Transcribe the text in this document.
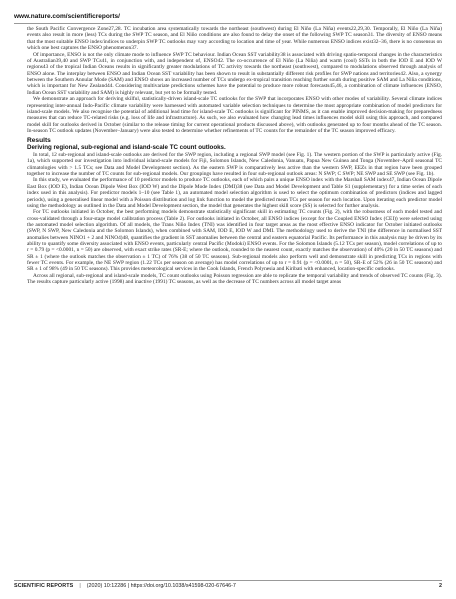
www.nature.com/scientificreports/

the South Pacific Convergence Zone27,28. TC incubation area systematically towards the northeast (southwest) during El Niño (La Niña) events22,29,30. Temporally, El Niño (La Niña) events also result in more (less) TCs during the SWP TC season, and El Niño conditions are also found to delay the onset of the following SWP TC season31. The diversity of ENSO means that the most suitable ENSO index/indices to underpin SWP TC outlooks may vary according to location and time of year. While numerous ENSO indices exist32–36, there is no consensus on which one best captures the ENSO phenomenon37.

Of importance, ENSO is not the only climate mode to influence SWP TC behaviour. Indian Ocean SST variability38 is associated with driving spatio-temporal changes in the characteristics of Australian39,40 and SWP TCs41, in conjunction with, and independent of, ENSO42. The co-occurrence of El Niño (La Niña) and warm (cool) SSTs in both the IOD E and IOD W regions43 of the tropical Indian Oceans results in significantly greater modulations of TC activity towards the northeast (southwest), compared to modulations observed through analysis of ENSO alone. The interplay between ENSO and Indian Ocean SST variability has been shown to result in substantially different risk profiles for SWP nations and territories42. Also, a synergy between the Southern Annular Mode (SAM) and ENSO shows an increased number of TCs undergo ex-tropical transition reaching further south during positive SAM and La Niña conditions, which is important for New Zealand44. Considering multivariate predictions schemes have the potential to produce more robust forecasts45,46, a combination of climate influences (ENSO, Indian Ocean SST variability and SAM) is highly relevant, but yet to be formally tested.

We demonstrate an approach for deriving skilful, statistically-driven island-scale TC outlooks for the SWP that incorporates ENSO with other modes of variability. Several climate indices representing inter-annual Indo-Pacific climate variability were harnessed with automated variable selection techniques to determine the most appropriate combination of model predictors for island-scale models. We also recognise the potential of additional lead time for island-scale TC outlooks is significant for PINMS, as it can enable improved decision-making for preparedness measures that can reduce TC-related risks (e.g. loss of life and infrastructure). As such, we also evaluated how changing lead times influences model skill using this approach, and compared model skill for outlooks derived in October (similar to the release timing for current operational products discussed above), with outlooks generated up to four months ahead of the TC season. In-season TC outlook updates (November–January) were also tested to determine whether refinements of TC counts for the remainder of the TC season improved efficacy.

Results
Deriving regional, sub-regional and island-scale TC count outlooks.

In total, 12 sub-regional and island-scale outlooks are derived for the SWP region, including a regional SWP model (see Fig. 1). The western portion of the SWP is particularly active (Fig. 1a), which supported our investigation into individual island-scale models for Fiji, Solomon Islands, New Caledonia, Vanuatu, Papua New Guinea and Tonga (November–April seasonal TC climatologies with > 1.5 TCs; see Data and Model Development section). As the eastern SWP is comparatively less active than the western SWP, EEZs in that region have been grouped together to increase the number of TC counts for sub-regional models. Our groupings have resulted in four sub-regional outlook areas: N SWP; C SWP; NE SWP and SE SWP (see Fig. 1b).

In this study, we evaluated the performance of 10 predictor models to produce TC outlooks, each of which pairs a unique ENSO index with the Marshall SAM index47, Indian Ocean Dipole East Box (IOD E), Indian Ocean Dipole West Box (IOD W) and the Dipole Mode Index (DMI)38 (see Data and Model Development and Table S1 (supplementary) for a time series of each index used in this analysis). For predictor models 1–10 (see Table 1), an automated model selection algorithm is used to select the optimum combination of predictors (indices and lagged periods), using a generalised linear model with a Poisson distribution and log link function to model the predicted mean TCs per season for each location. Upon iterating each predictor model using the methodology as outlined in the Data and Model Development section, the model that generates the highest skill score (SS) is selected for further analysis.

For TC outlooks initiated in October, the best performing models demonstrate statistically significant skill in estimating TC counts (Fig. 2), with the robustness of each model tested and cross-validated through a four-stage model calibration process (Table 2). For outlooks initiated in October, all ENSO indices (except for the Coupled ENSO Index (CEI)) were selected using the automated model selection algorithm. Of all models, the Trans Niño Index (TNI) was identified in four target areas as the most effective ENSO indicator for October initiated outlooks (SWP, N SWP, New Caledonia and the Solomon Islands), when combined with SAM, IOD E, IOD W and DMI. The methodology used to derive the TNI (the difference in normalised SST anomalies between NINO1 + 2 and NINO4)48, quantifies the gradient in SST anomalies between the central and eastern equatorial Pacific. Its performance in this analysis may be driven by its ability to quantify some diversity associated with ENSO events, particularly central Pacific (Modoki) ENSO events. For the Solomon Islands (5.12 TCs per season), model correlations of up to r = 0.79 (p = <0.0001, n = 50) are observed, with exact strike rates (SR-E; where the outlook, rounded to the nearest count, exactly matches the observation) of 40% (20 in 50 TC seasons) and SR ± 1 (where the outlook matches the observation ± 1 TC) of 76% (38 of 50 TC seasons). Sub-regional models also perform well and demonstrate skill in predicting TCs in regions with fewer TC events. For example, the NE SWP region (1.22 TCs per season on average) has model correlations of up to r = 0.91 (p = <0.0001, n = 50), SR-E of 52% (26 in 50 TC seasons) and SR ± 1 of 98% (49 in 50 TC seasons). This provides meteorological services in the Cook Islands, French Polynesia and Kiribati with enhanced, location-specific outlooks.

Across all regional, sub-regional and island-scale models, TC count outlooks using Poisson regression are able to replicate the temporal variability and trends of observed TC counts (Fig. 3). The results capture particularly active (1998) and inactive (1991) TC seasons, as well as the decrease of TC numbers across all model target areas

SCIENTIFIC REPORTS | (2020) 10:12286 | https://doi.org/10.1038/s41598-020-67646-7	2
